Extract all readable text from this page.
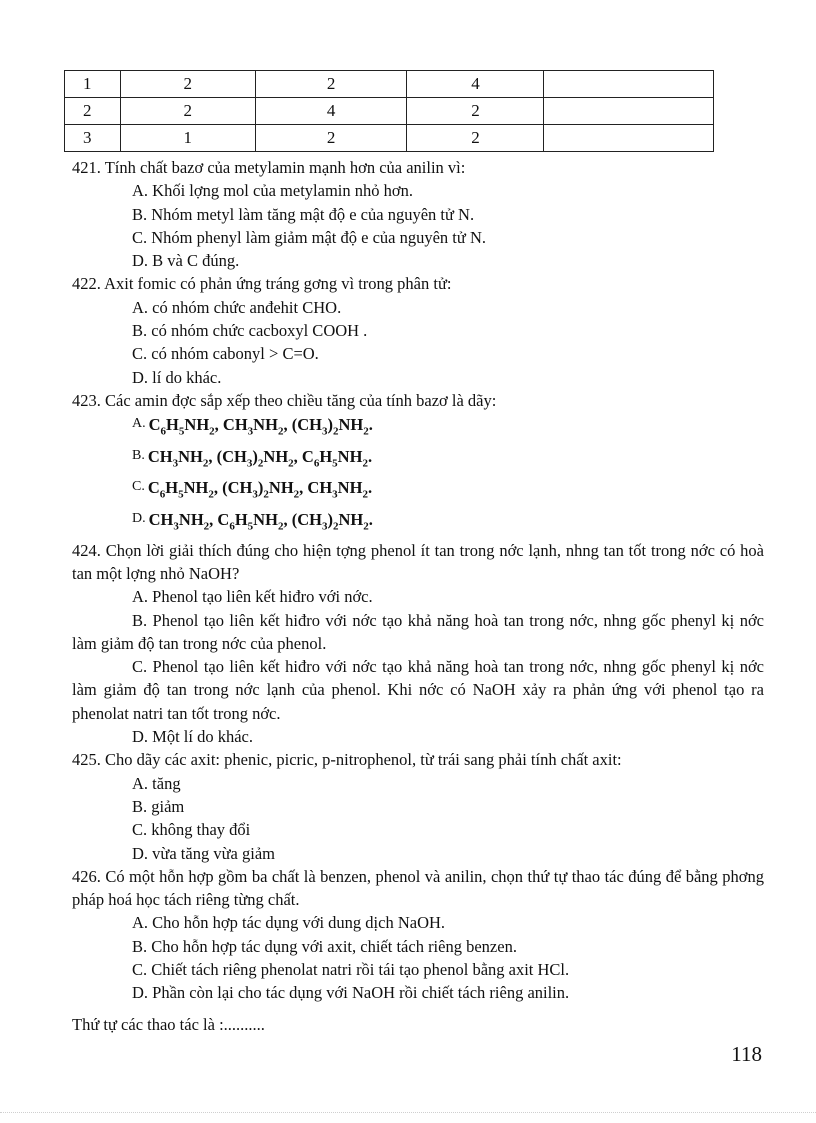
1	2	2	4	
2	2	4	2	
3	1	2	2	

421. Tính chất bazơ của metylamin mạnh hơn của anilin vì:

A. Khối lợng mol của metylamin nhỏ hơn.

B. Nhóm metyl làm tăng mật độ e của nguyên tử N.

C. Nhóm phenyl làm giảm mật độ e của nguyên tử N.

D. B và C đúng.

422. Axit fomic có phản ứng tráng gơng vì trong phân tử:

A. có nhóm chức anđehit CHO.

B. có nhóm chức cacboxyl COOH .

C. có nhóm cabonyl > C=O.

D. lí do khác.

423. Các amin đợc sắp xếp theo chiều tăng của tính bazơ là dãy:

A. $C_6H_5NH_2$, $CH_3NH_2$, $(CH_3)_2NH_2$.

B. $CH_3NH_2$, $(CH_3)_2NH_2$, $C_6H_5NH_2$.

C. $C_6H_5NH_2$, $(CH_3)_2NH_2$, $CH_3NH_2$.

D. $CH_3NH_2$, $C_6H_5NH_2$, $(CH_3)_2NH_2$.

424. Chọn lời giải thích đúng cho hiện tợng phenol ít tan trong nớc lạnh, nhng tan tốt trong nớc có hoà tan một lợng nhỏ NaOH?

A. Phenol tạo liên kết hiđro với nớc.

B. Phenol tạo liên kết hiđro với nớc tạo khả năng hoà tan trong nớc, nhng gốc phenyl kị nớc làm giảm độ tan trong nớc của phenol.

C. Phenol tạo liên kết hiđro với nớc tạo khả năng hoà tan trong nớc, nhng gốc phenyl kị nớc làm giảm độ tan trong nớc lạnh của phenol. Khi nớc có NaOH xảy ra phản ứng với phenol tạo ra phenolat natri tan tốt trong nớc.

D. Một lí do khác.

425. Cho dãy các axit: phenic, picric, p-nitrophenol, từ trái sang phải tính chất axit:

A. tăng

B. giảm

C. không thay đổi

D. vừa tăng vừa giảm

426. Có một hỗn hợp gồm ba chất là benzen, phenol và anilin, chọn thứ tự thao tác đúng để bằng phơng pháp hoá học tách riêng từng chất.

A. Cho hỗn hợp tác dụng với dung dịch NaOH.

B. Cho hỗn hợp tác dụng với axit, chiết tách riêng benzen.

C. Chiết tách riêng phenolat natri rồi tái tạo phenol bằng axit HCl.

D. Phần còn lại cho tác dụng với NaOH rồi chiết tách riêng anilin.

Thứ tự các thao tác là :..........

118
